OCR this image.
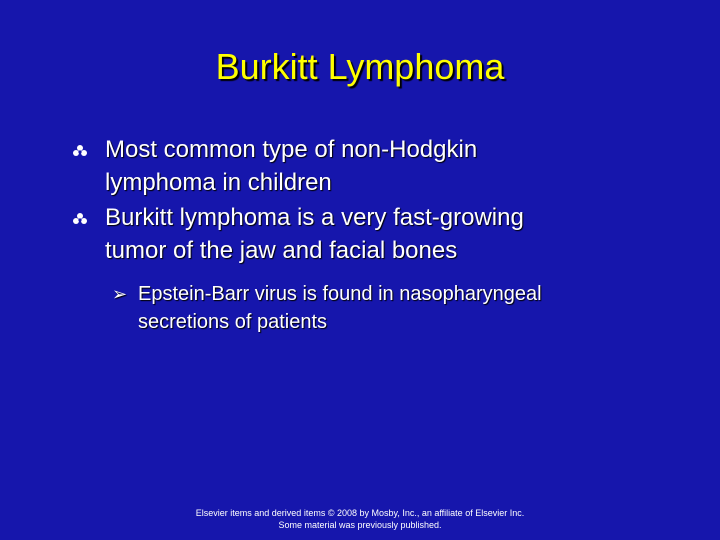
Burkitt Lymphoma
Most common type of non-Hodgkin
lymphoma in children
Burkitt lymphoma is a very fast-growing
tumor of the jaw and facial bones
➢ Epstein-Barr virus is found in nasopharyngeal
secretions of patients
Elsevier items and derived items © 2008 by Mosby, Inc., an affiliate of Elsevier Inc.
Some material was previously published.
